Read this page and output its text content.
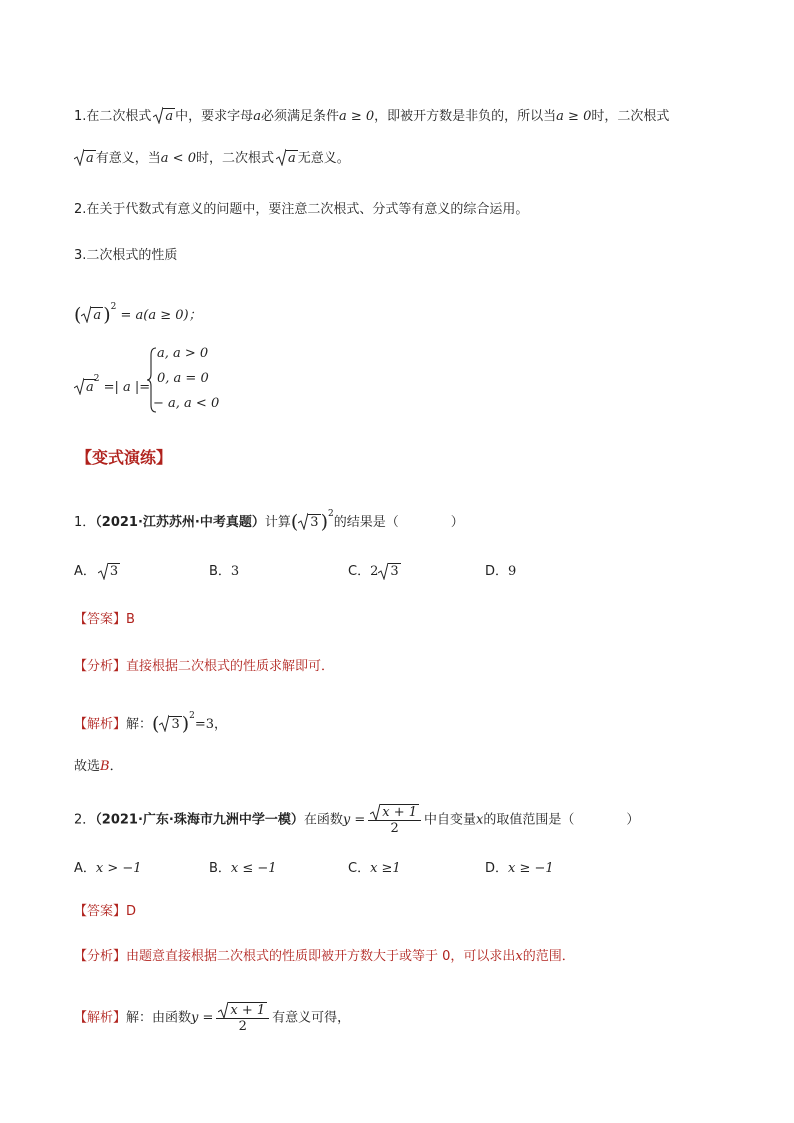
1.在二次根式 a 中，要求字母a必须满足条件a ≥ 0，即被开方数是非负的，所以当a ≥ 0时，二次根式
a 有意义，当a < 0时，二次根式 a 无意义。
2.在关于代数式有意义的问题中，要注意二次根式、分式等有意义的综合运用。
3.二次根式的性质
( a )$^2$ = a(a ≥ 0)；
$a^2$ =| a |=
a, a > 0
0, a = 0
− a, a < 0
【变式演练】
1．（2021·江苏苏州·中考真题）计算( 3 )$^2$的结果是（	）
A． 3	B．3	C．2 3	D．9
【答案】B
【分析】直接根据二次根式的性质求解即可．
【解析】解：( 3 )$^2$=3，
故选B．
2．（2021·广东·珠海市九洲中学一模）在函数$y = \frac{x + 1}{2}$ 中自变量x的取值范围是（	）
A．x > −1	B．x ≤ −1	C．x ≥1	D．x ≥ −1
【答案】D
【分析】由题意直接根据二次根式的性质即被开方数大于或等于 0，可以求出x的范围．
【解析】解：由函数$y = \frac{x + 1}{2}$ 有意义可得，
